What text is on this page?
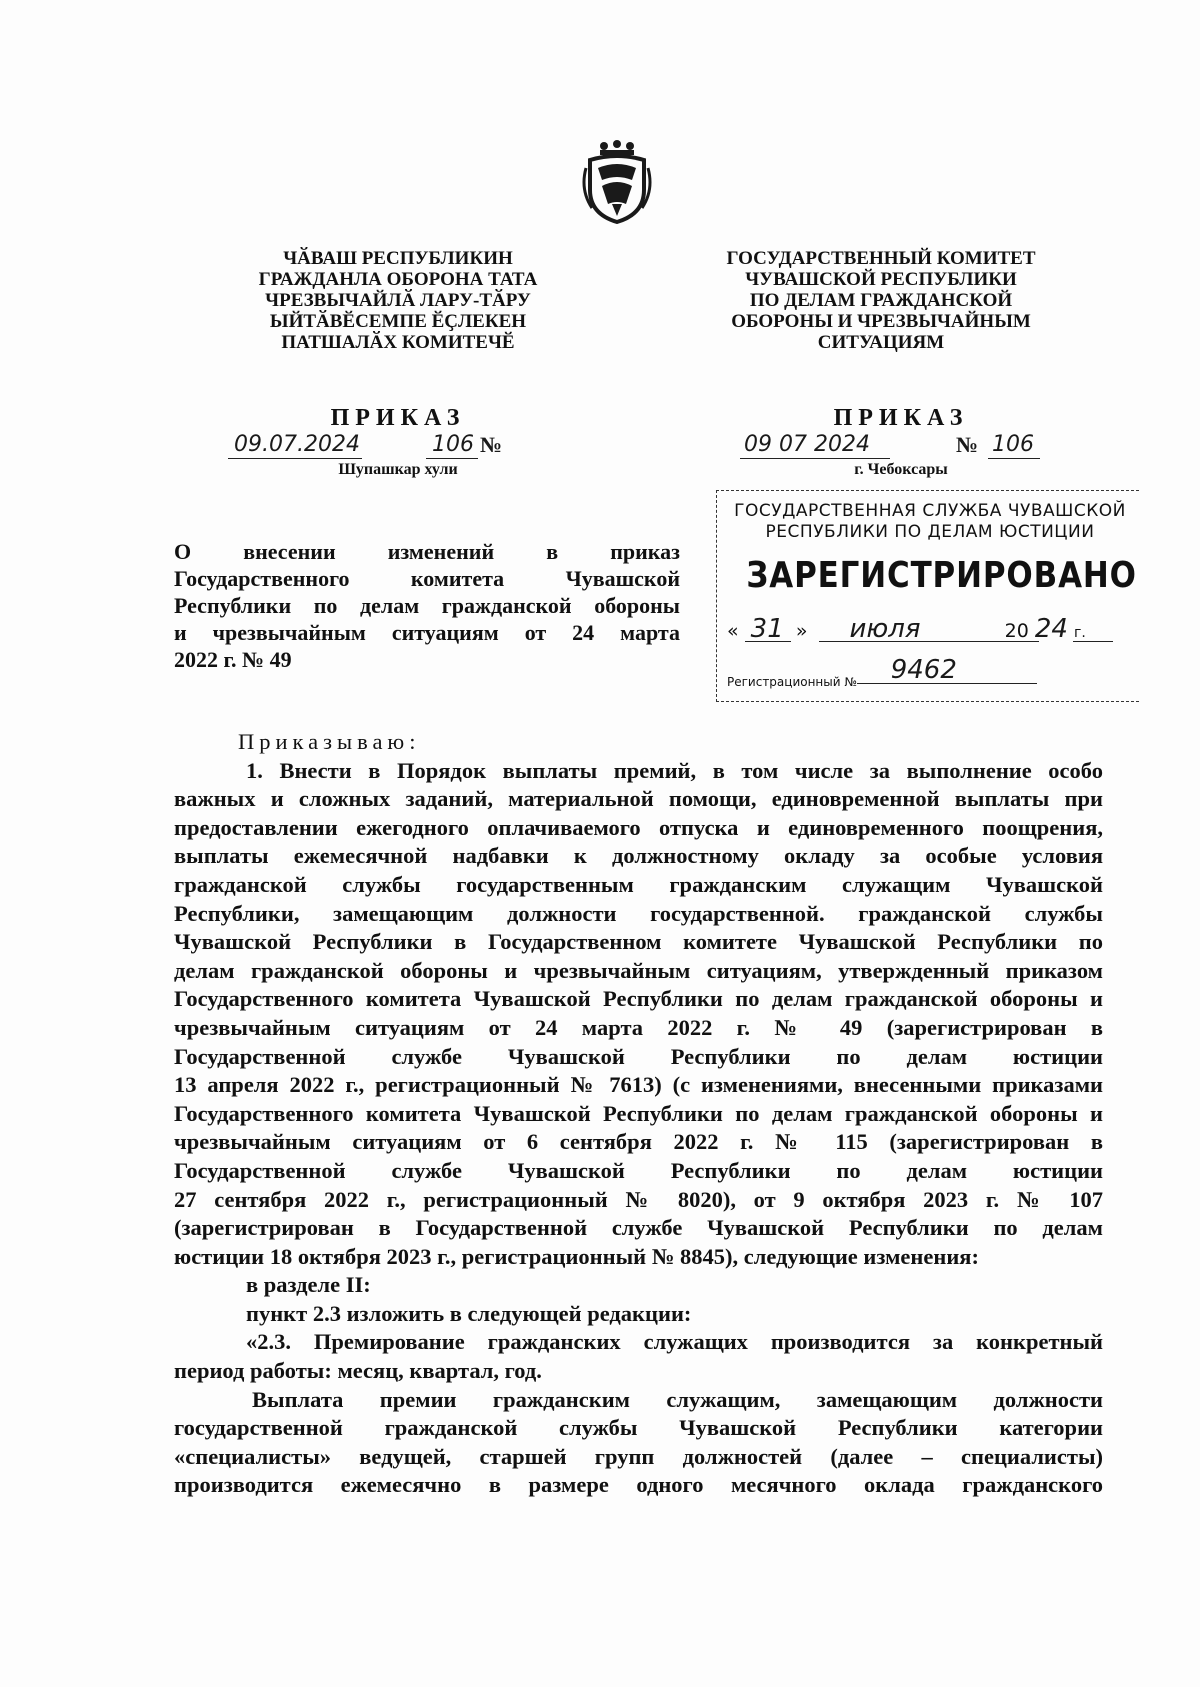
ЧӐВАШ РЕСПУБЛИКИН
ГРАЖДАНЛА ОБОРОНА ТАТА
ЧРЕЗВЫЧАЙЛӐ ЛАРУ-ТӐРУ
ЫЙТӐВӖСЕМПЕ ӖҪЛЕКЕН
ПАТШАЛӐХ КОМИТЕЧӖ
ГОСУДАРСТВЕННЫЙ КОМИТЕТ
ЧУВАШСКОЙ РЕСПУБЛИКИ
ПО ДЕЛАМ ГРАЖДАНСКОЙ
ОБОРОНЫ И ЧРЕЗВЫЧАЙНЫМ
СИТУАЦИЯМ
ПРИКАЗ	ПРИКАЗ
09.07.2024	106 №
Шупашкар хули
09 07 2024	№ 106
г. Чебоксары
О внесении изменений в приказ
Государственного комитета Чувашской
Республики по делам гражданской обороны
и чрезвычайным ситуациям от 24 марта
2022 г. № 49
ГОСУДАРСТВЕННАЯ СЛУЖБА ЧУВАШСКОЙ
РЕСПУБЛИКИ ПО ДЕЛАМ ЮСТИЦИИ
ЗАРЕГИСТРИРОВАНО
« 31 » июля	20 24 г.
Регистрационный № 9462

Приказываю:

1. Внести в Порядок выплаты премий, в том числе за выполнение особо

важных и сложных заданий, материальной помощи, единовременной выплаты при

предоставлении ежегодного оплачиваемого отпуска и единовременного поощрения,

выплаты ежемесячной надбавки к должностному окладу за особые условия

гражданской службы государственным гражданским служащим Чувашской

Республики, замещающим должности государственной. гражданской службы

Чувашской Республики в Государственном комитете Чувашской Республики по

делам гражданской обороны и чрезвычайным ситуациям, утвержденный приказом

Государственного комитета Чувашской Республики по делам гражданской обороны и

чрезвычайным ситуациям от 24 марта 2022 г. № 49 (зарегистрирован в

Государственной службе Чувашской Республики по делам юстиции

13 апреля 2022 г., регистрационный № 7613) (с изменениями, внесенными приказами

Государственного комитета Чувашской Республики по делам гражданской обороны и

чрезвычайным ситуациям от 6 сентября 2022 г. № 115 (зарегистрирован в

Государственной службе Чувашской Республики по делам юстиции

27 сентября 2022 г., регистрационный № 8020), от 9 октября 2023 г. № 107

(зарегистрирован в Государственной службе Чувашской Республики по делам

юстиции 18 октября 2023 г., регистрационный № 8845), следующие изменения:

в разделе II:

пункт 2.3 изложить в следующей редакции:

«2.3. Премирование гражданских служащих производится за конкретный

период работы: месяц, квартал, год.

Выплата премии гражданским служащим, замещающим должности

государственной гражданской службы Чувашской Республики категории

«специалисты» ведущей, старшей групп должностей (далее – специалисты)

производится ежемесячно в размере одного месячного оклада гражданского
